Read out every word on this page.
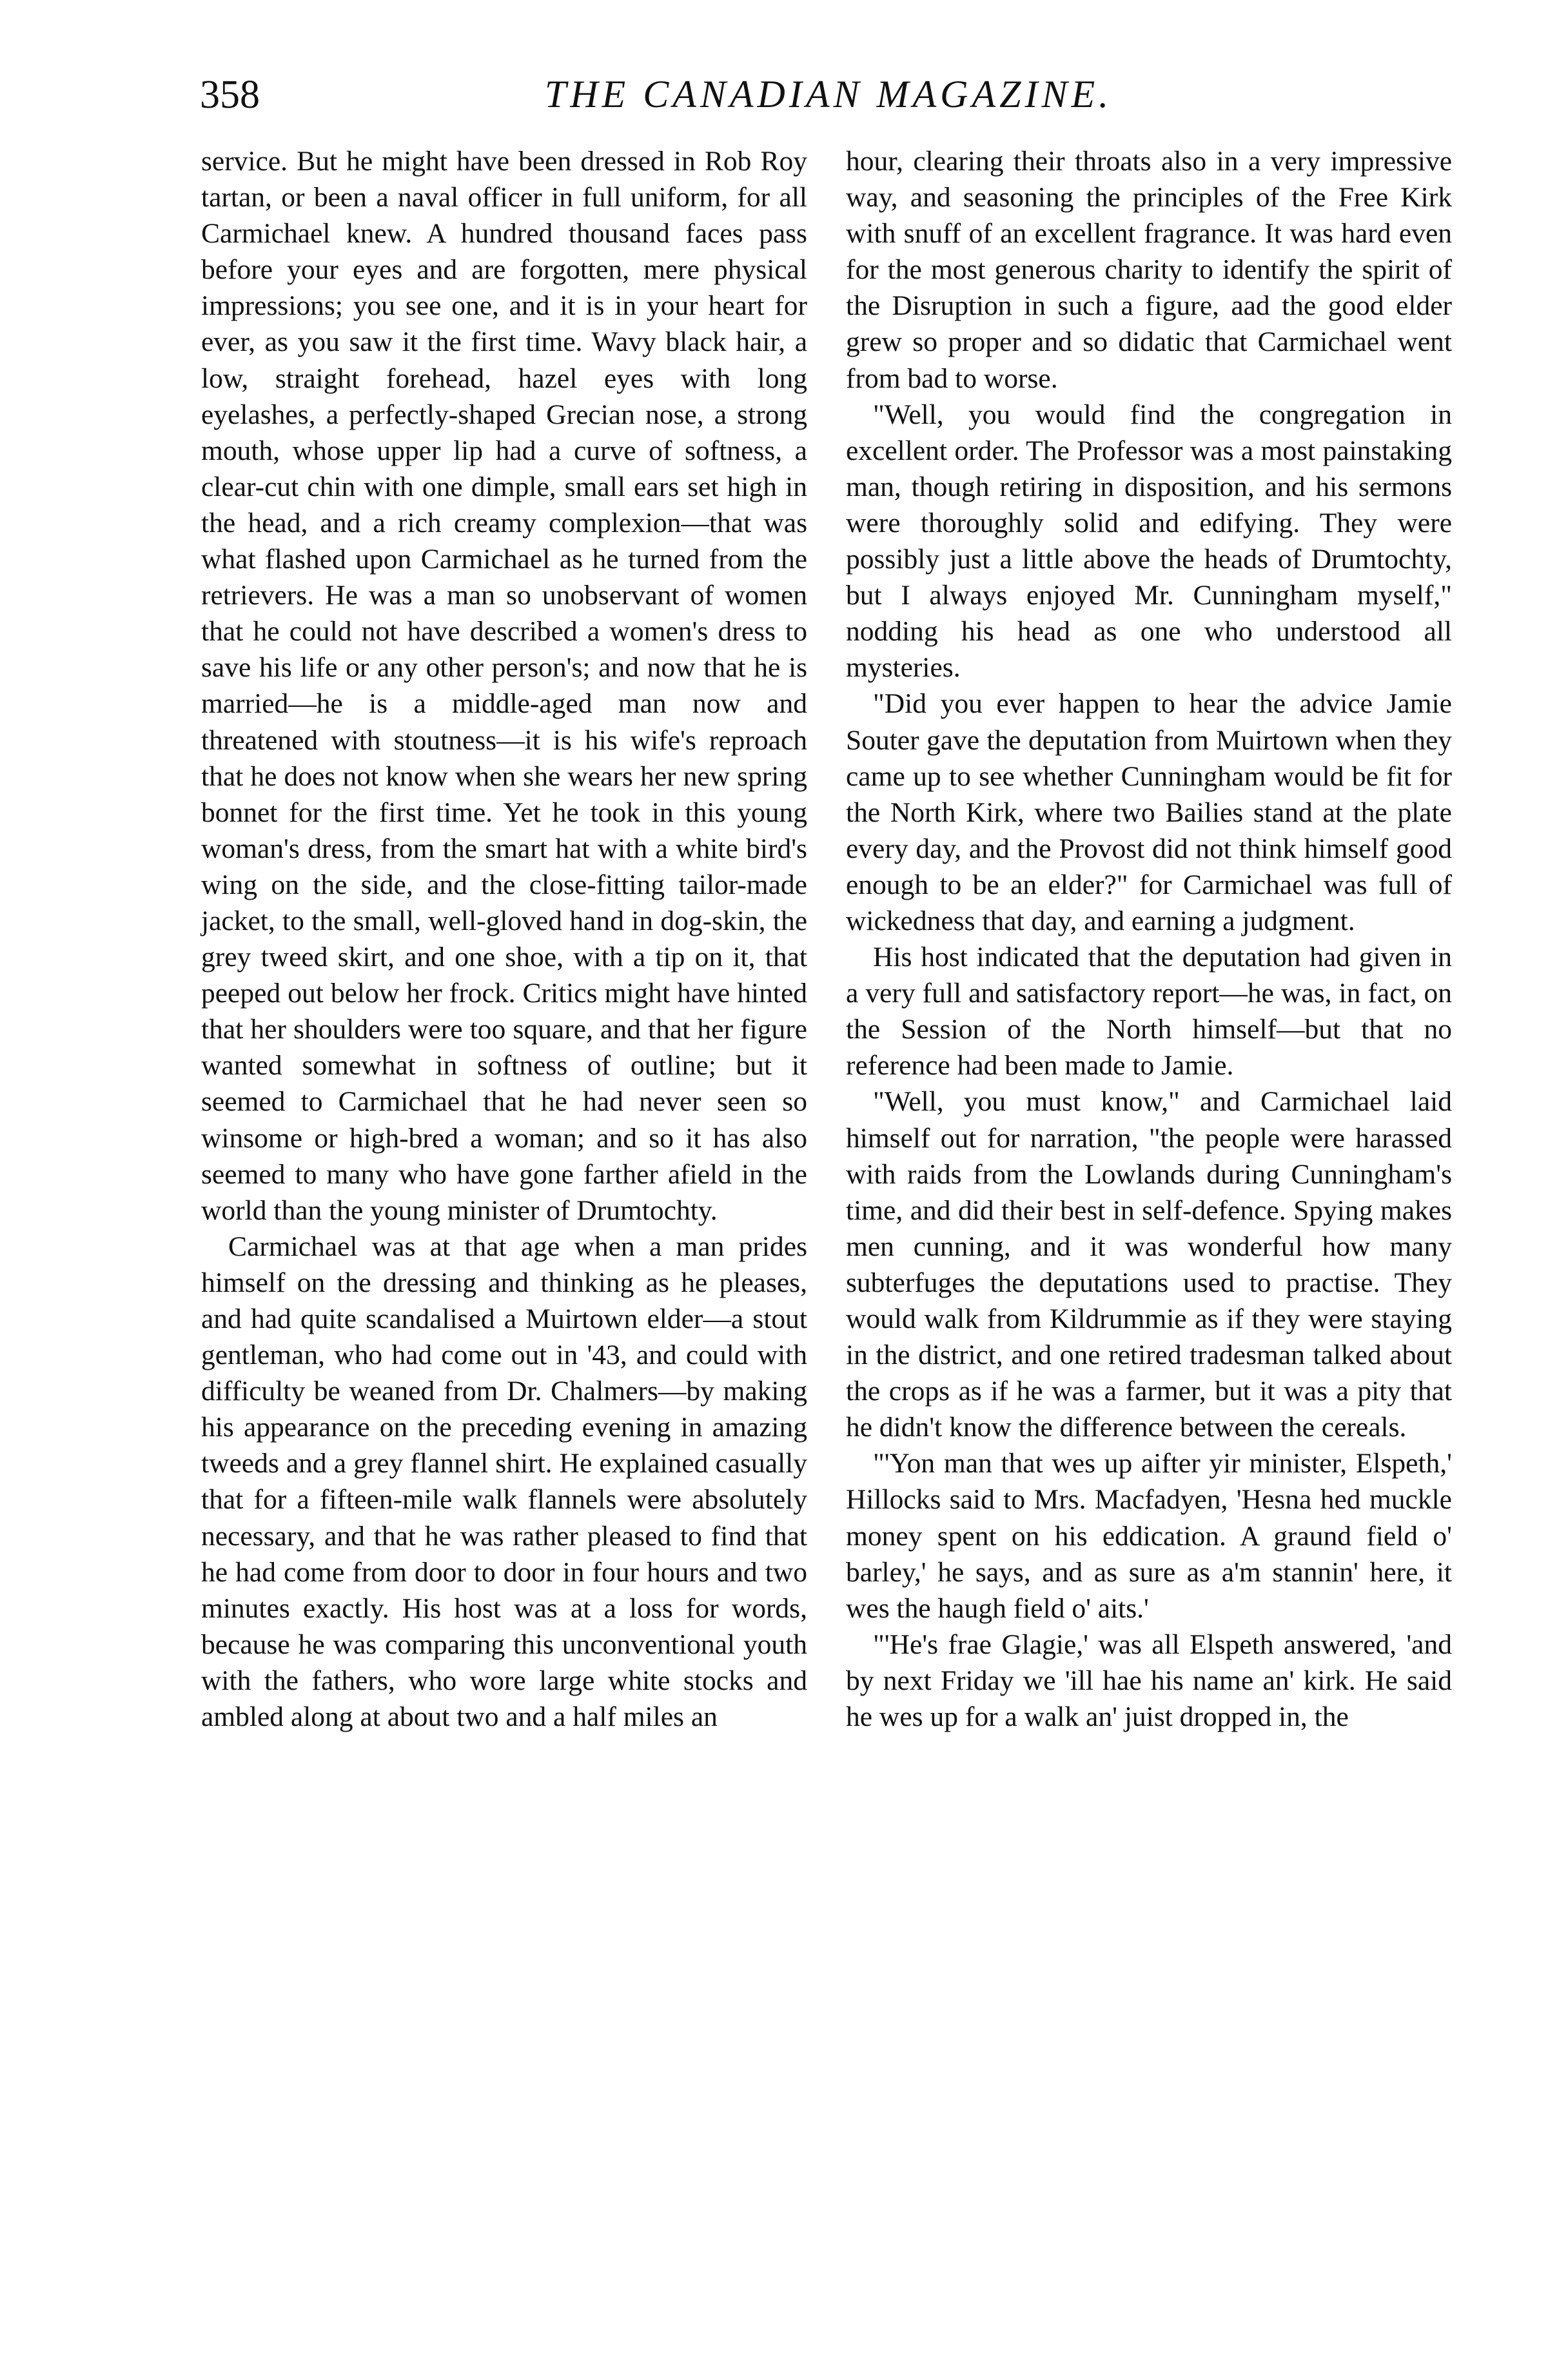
358	THE CANADIAN MAGAZINE.

service. But he might have been dressed in Rob Roy tartan, or been a naval officer in full uniform, for all Carmichael knew. A hundred thousand faces pass before your eyes and are forgotten, mere physical impressions; you see one, and it is in your heart for ever, as you saw it the first time. Wavy black hair, a low, straight forehead, hazel eyes with long eyelashes, a perfectly-shaped Grecian nose, a strong mouth, whose upper lip had a curve of softness, a clear-cut chin with one dimple, small ears set high in the head, and a rich creamy complexion—that was what flashed upon Carmichael as he turned from the retrievers. He was a man so unobservant of women that he could not have described a women's dress to save his life or any other person's; and now that he is married—he is a middle-aged man now and threatened with stoutness—it is his wife's reproach that he does not know when she wears her new spring bonnet for the first time. Yet he took in this young woman's dress, from the smart hat with a white bird's wing on the side, and the close-fitting tailor-made jacket, to the small, well-gloved hand in dog-skin, the grey tweed skirt, and one shoe, with a tip on it, that peeped out below her frock. Critics might have hinted that her shoulders were too square, and that her figure wanted somewhat in softness of outline; but it seemed to Carmichael that he had never seen so winsome or high-bred a woman; and so it has also seemed to many who have gone farther afield in the world than the young minister of Drumtochty.

Carmichael was at that age when a man prides himself on the dressing and thinking as he pleases, and had quite scandalised a Muirtown elder—a stout gentleman, who had come out in '43, and could with difficulty be weaned from Dr. Chalmers—by making his appearance on the preceding evening in amazing tweeds and a grey flannel shirt. He explained casually that for a fifteen-mile walk flannels were absolutely necessary, and that he was rather pleased to find that he had come from door to door in four hours and two minutes exactly. His host was at a loss for words, because he was comparing this unconventional youth with the fathers, who wore large white stocks and ambled along at about two and a half miles an

hour, clearing their throats also in a very impressive way, and seasoning the principles of the Free Kirk with snuff of an excellent fragrance. It was hard even for the most generous charity to identify the spirit of the Disruption in such a figure, aad the good elder grew so proper and so didatic that Carmichael went from bad to worse.

"Well, you would find the congregation in excellent order. The Professor was a most painstaking man, though retiring in disposition, and his sermons were thoroughly solid and edifying. They were possibly just a little above the heads of Drumtochty, but I always enjoyed Mr. Cunningham myself," nodding his head as one who understood all mysteries.

"Did you ever happen to hear the advice Jamie Souter gave the deputation from Muirtown when they came up to see whether Cunningham would be fit for the North Kirk, where two Bailies stand at the plate every day, and the Provost did not think himself good enough to be an elder?" for Carmichael was full of wickedness that day, and earning a judgment.

His host indicated that the deputation had given in a very full and satisfactory report—he was, in fact, on the Session of the North himself—but that no reference had been made to Jamie.

"Well, you must know," and Carmichael laid himself out for narration, "the people were harassed with raids from the Lowlands during Cunningham's time, and did their best in self-defence. Spying makes men cunning, and it was wonderful how many subterfuges the deputations used to practise. They would walk from Kildrummie as if they were staying in the district, and one retired tradesman talked about the crops as if he was a farmer, but it was a pity that he didn't know the difference between the cereals.

"'Yon man that wes up aifter yir minister, Elspeth,' Hillocks said to Mrs. Macfadyen, 'Hesna hed muckle money spent on his eddication. A graund field o' barley,' he says, and as sure as a'm stannin' here, it wes the haugh field o' aits.'

"'He's frae Glagie,' was all Elspeth answered, 'and by next Friday we 'ill hae his name an' kirk. He said he wes up for a walk an' juist dropped in, the
